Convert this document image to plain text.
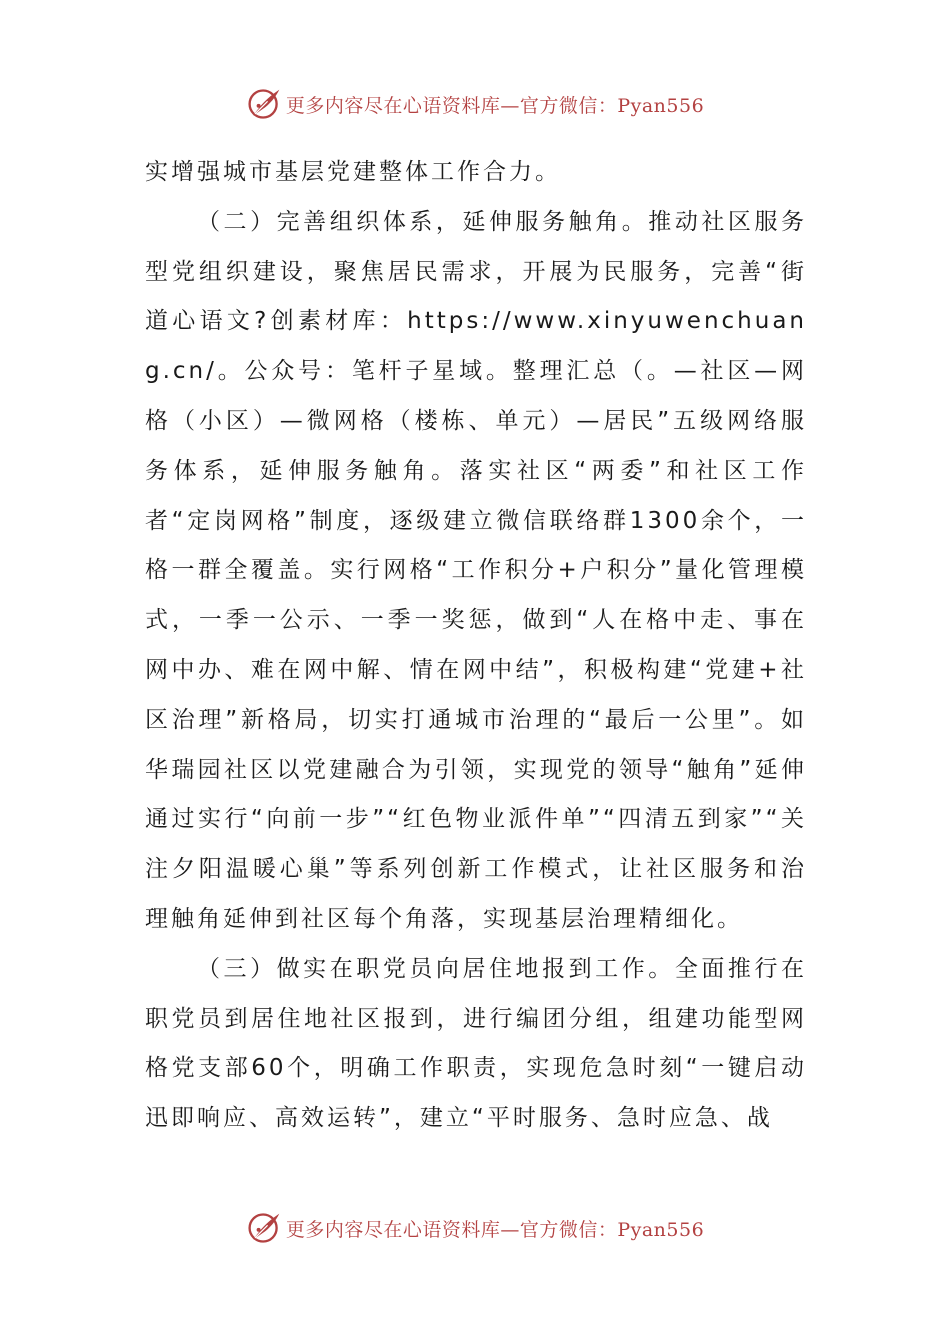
更多内容尽在心语资料库—官方微信：Pyan556

实增强城市基层党建整体工作合力。

（二）完善组织体系，延伸服务触角。推动社区服务型党组织建设，聚焦居民需求，开展为民服务，完善“街道心语文?创素材库：https://www.xinyuwenchuang.cn/。公众号：笔杆子星域。整理汇总（。—社区—网格（小区）—微网格（楼栋、单元）—居民”五级网络服务体系，延伸服务触角。落实社区“两委”和社区工作者“定岗网格”制度，逐级建立微信联络群1300余个，一格一群全覆盖。实行网格“工作积分+户积分”量化管理模式，一季一公示、一季一奖惩，做到“人在格中走、事在网中办、难在网中解、情在网中结”，积极构建“党建+社区治理”新格局，切实打通城市治理的“最后一公里”。如华瑞园社区以党建融合为引领，实现党的领导“触角”延伸通过实行“向前一步”“红色物业派件单”“四清五到家”“关注夕阳温暖心巢”等系列创新工作模式，让社区服务和治理触角延伸到社区每个角落，实现基层治理精细化。

（三）做实在职党员向居住地报到工作。全面推行在职党员到居住地社区报到，进行编团分组，组建功能型网格党支部60个，明确工作职责，实现危急时刻“一键启动迅即响应、高效运转”，建立“平时服务、急时应急、战

更多内容尽在心语资料库—官方微信：Pyan556
